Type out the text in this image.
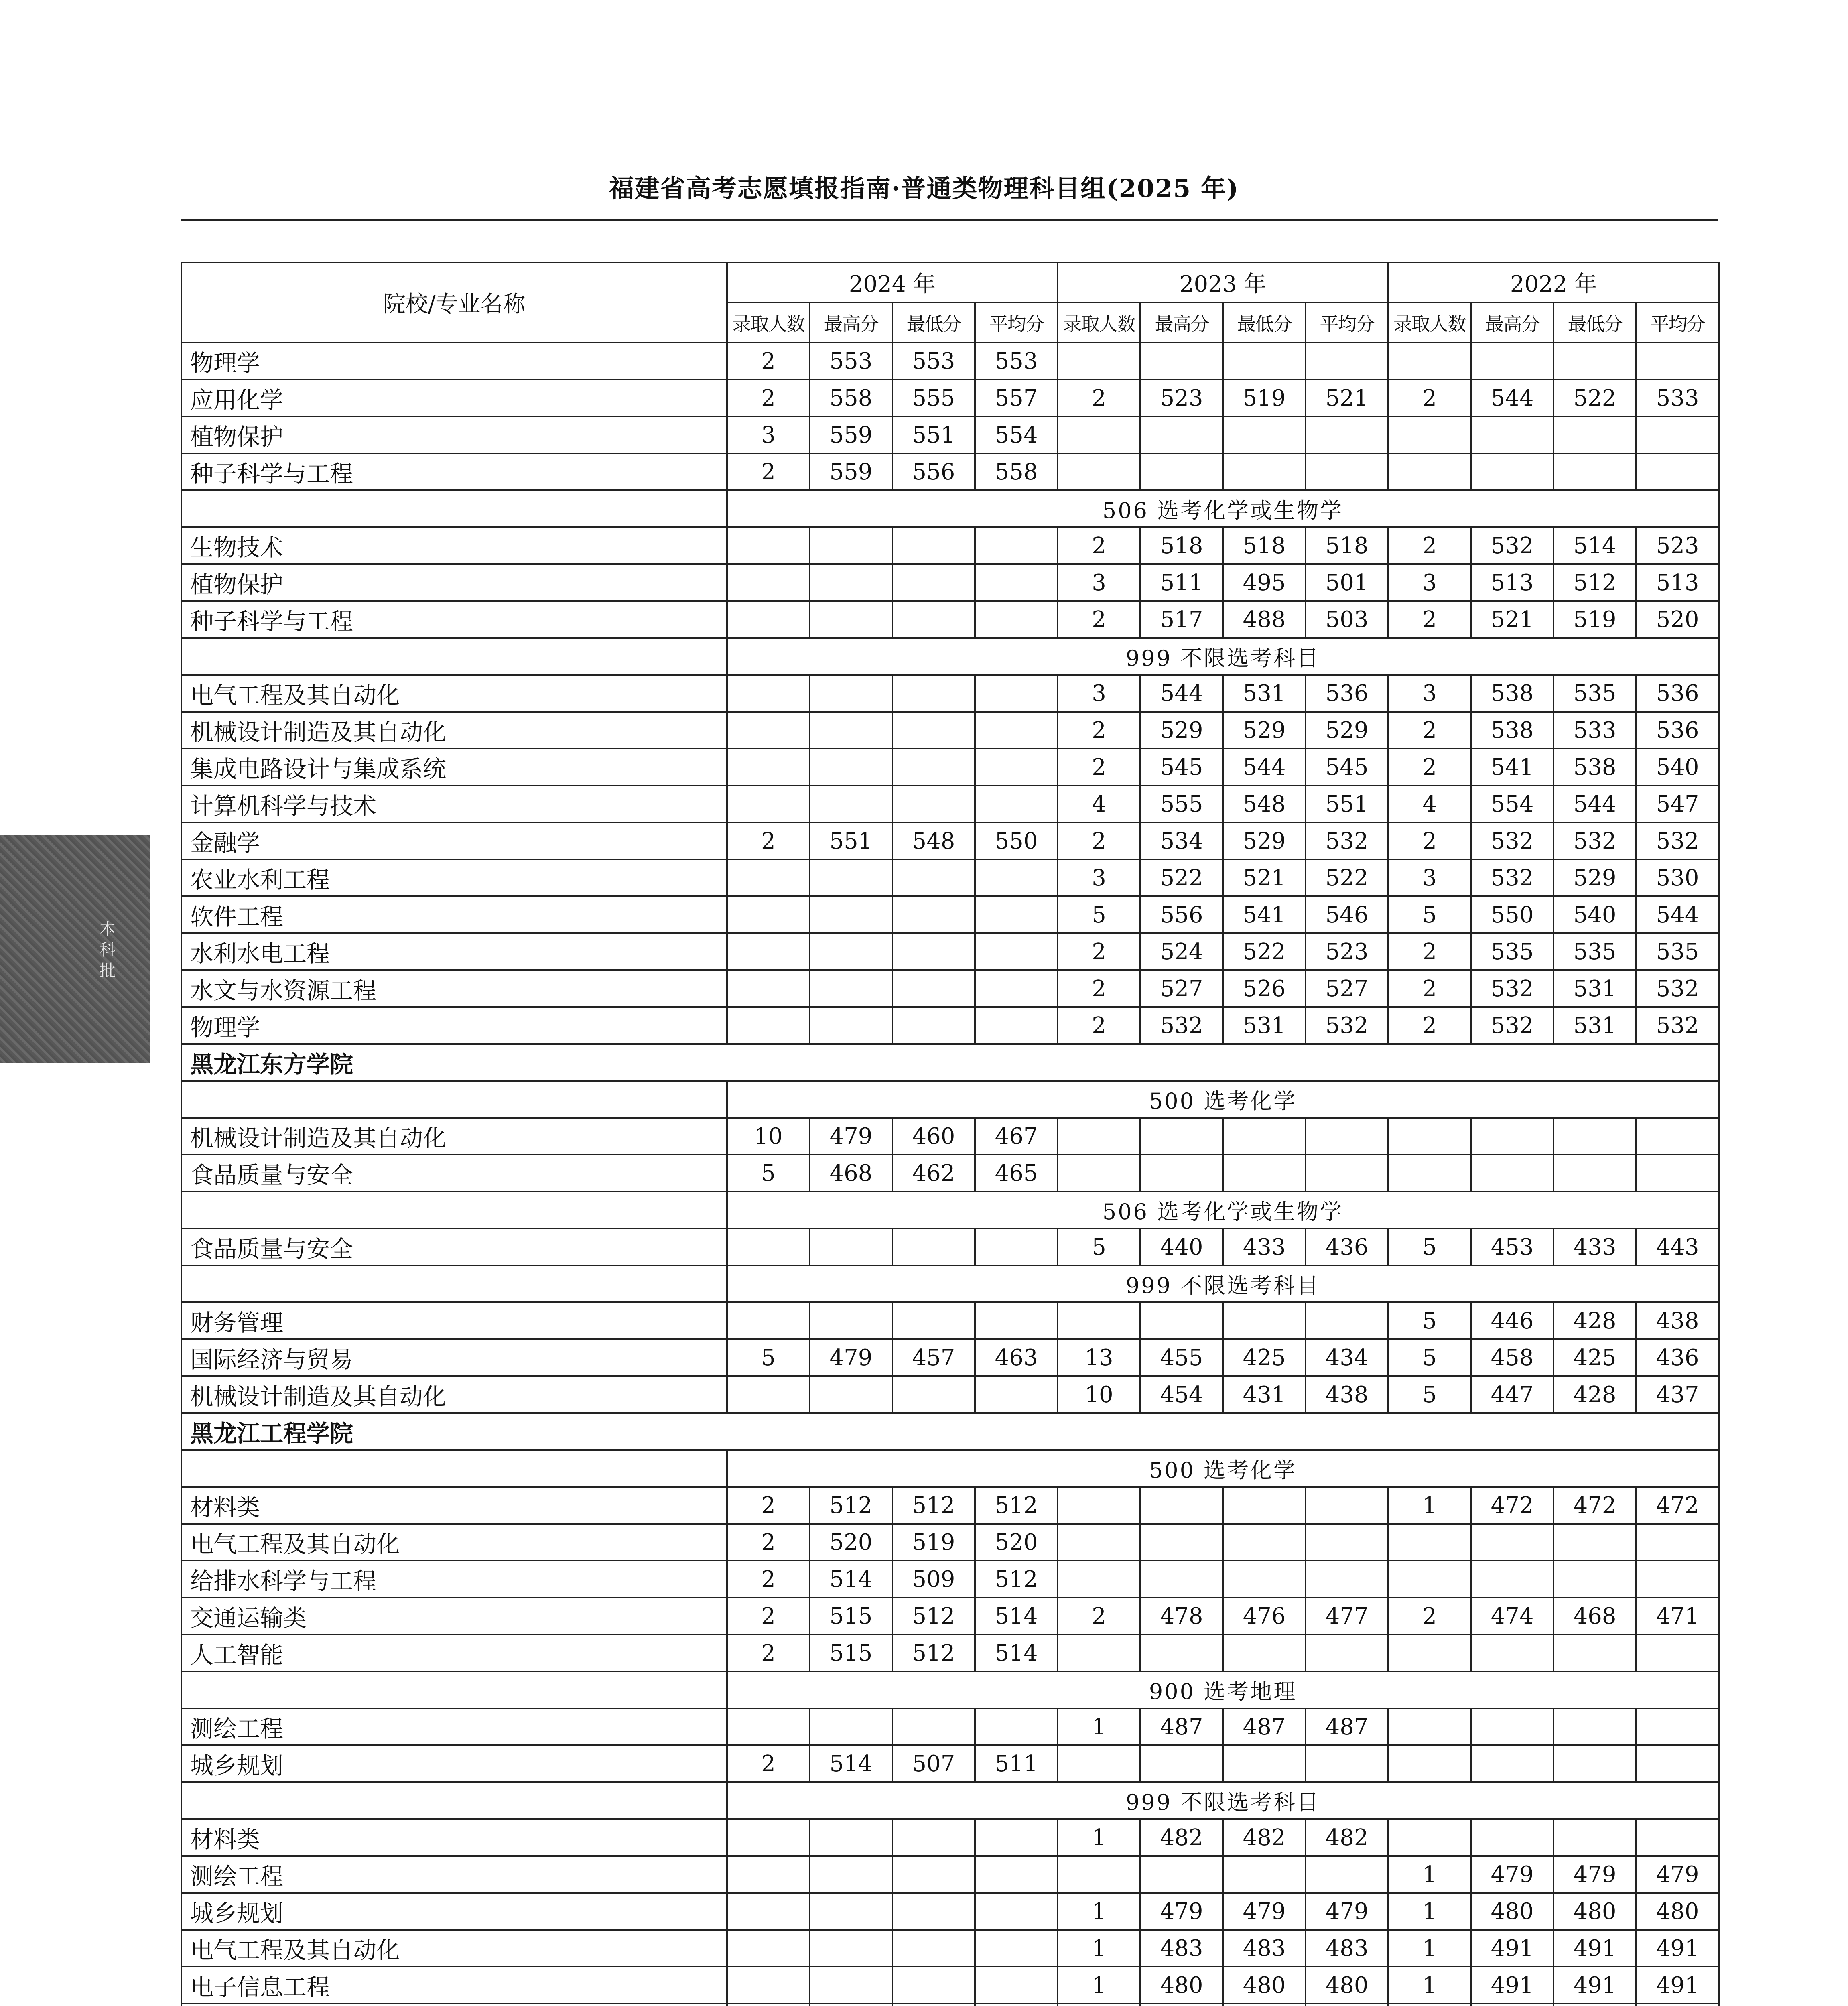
福建省高考志愿填报指南·普通类物理科目组(2025 年)
本科批
院校/专业名称	2024 年				2023 年				2022 年			
	录取人数	最高分	最低分	平均分	录取人数	最高分	最低分	平均分	录取人数	最高分	最低分	平均分
物理学	2	553	553	553								
应用化学	2	558	555	557	2	523	519	521	2	544	522	533
植物保护	3	559	551	554								
种子科学与工程	2	559	556	558								
	506 选考化学或生物学											
生物技术					2	518	518	518	2	532	514	523
植物保护					3	511	495	501	3	513	512	513
种子科学与工程					2	517	488	503	2	521	519	520
	999 不限选考科目											
电气工程及其自动化					3	544	531	536	3	538	535	536
机械设计制造及其自动化					2	529	529	529	2	538	533	536
集成电路设计与集成系统					2	545	544	545	2	541	538	540
计算机科学与技术					4	555	548	551	4	554	544	547
金融学	2	551	548	550	2	534	529	532	2	532	532	532
农业水利工程					3	522	521	522	3	532	529	530
软件工程					5	556	541	546	5	550	540	544
水利水电工程					2	524	522	523	2	535	535	535
水文与水资源工程					2	527	526	527	2	532	531	532
物理学					2	532	531	532	2	532	531	532
黑龙江东方学院												
	500 选考化学											
机械设计制造及其自动化	10	479	460	467								
食品质量与安全	5	468	462	465								
	506 选考化学或生物学											
食品质量与安全					5	440	433	436	5	453	433	443
	999 不限选考科目											
财务管理									5	446	428	438
国际经济与贸易	5	479	457	463	13	455	425	434	5	458	425	436
机械设计制造及其自动化					10	454	431	438	5	447	428	437
黑龙江工程学院												
	500 选考化学											
材料类	2	512	512	512					1	472	472	472
电气工程及其自动化	2	520	519	520								
给排水科学与工程	2	514	509	512								
交通运输类	2	515	512	514	2	478	476	477	2	474	468	471
人工智能	2	515	512	514								
	900 选考地理											
测绘工程					1	487	487	487				
城乡规划	2	514	507	511								
	999 不限选考科目											
材料类					1	482	482	482				
测绘工程									1	479	479	479
城乡规划					1	479	479	479	1	480	480	480
电气工程及其自动化					1	483	483	483	1	491	491	491
电子信息工程					1	480	480	480	1	491	491	491
